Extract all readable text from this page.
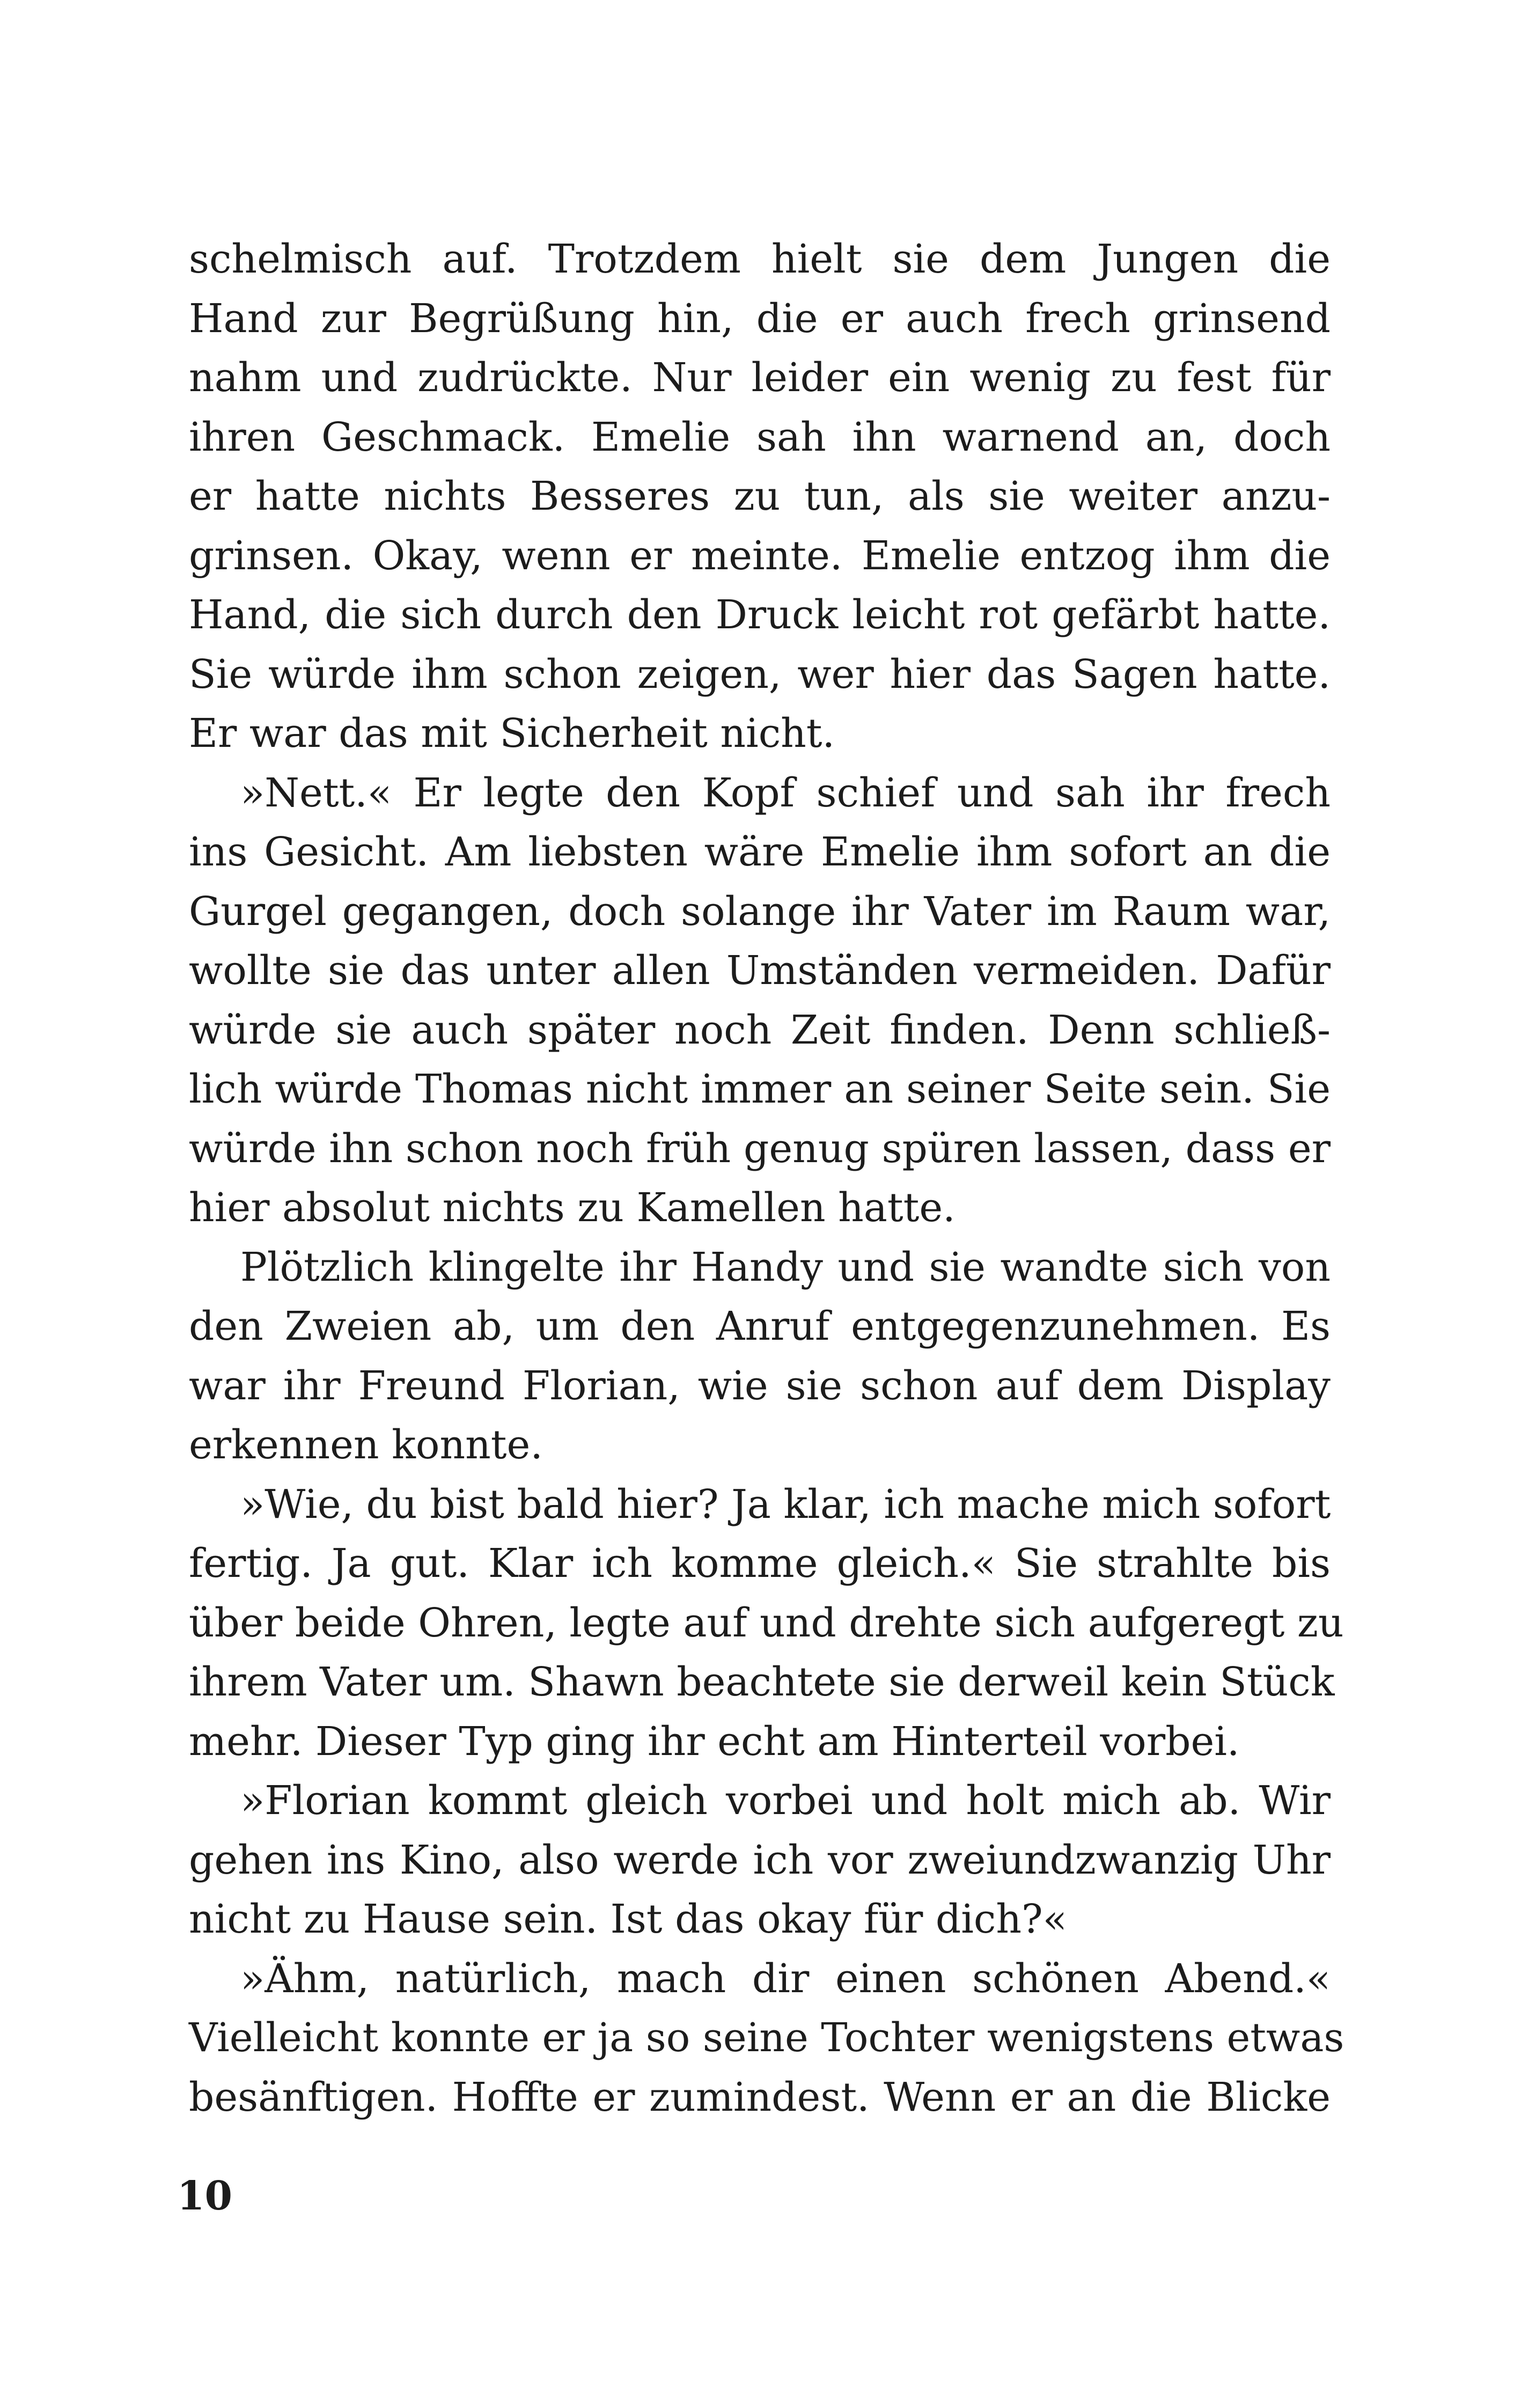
schelmisch auf. Trotzdem hielt sie dem Jungen die
Hand zur Begrüßung hin, die er auch frech grinsend
nahm und zudrückte. Nur leider ein wenig zu fest für
ihren Geschmack. Emelie sah ihn warnend an, doch
er hatte nichts Besseres zu tun, als sie weiter anzu-
grinsen. Okay, wenn er meinte. Emelie entzog ihm die
Hand, die sich durch den Druck leicht rot gefärbt hatte.
Sie würde ihm schon zeigen, wer hier das Sagen hatte.
Er war das mit Sicherheit nicht.
»Nett.« Er legte den Kopf schief und sah ihr frech
ins Gesicht. Am liebsten wäre Emelie ihm sofort an die
Gurgel gegangen, doch solange ihr Vater im Raum war,
wollte sie das unter allen Umständen vermeiden. Dafür
würde sie auch später noch Zeit finden. Denn schließ-
lich würde Thomas nicht immer an seiner Seite sein. Sie
würde ihn schon noch früh genug spüren lassen, dass er
hier absolut nichts zu Kamellen hatte.
Plötzlich klingelte ihr Handy und sie wandte sich von
den Zweien ab, um den Anruf entgegenzunehmen. Es
war ihr Freund Florian, wie sie schon auf dem Display
erkennen konnte.
»Wie, du bist bald hier? Ja klar, ich mache mich sofort
fertig. Ja gut. Klar ich komme gleich.« Sie strahlte bis
über beide Ohren, legte auf und drehte sich aufgeregt zu
ihrem Vater um. Shawn beachtete sie derweil kein Stück
mehr. Dieser Typ ging ihr echt am Hinterteil vorbei.
»Florian kommt gleich vorbei und holt mich ab. Wir
gehen ins Kino, also werde ich vor zweiundzwanzig Uhr
nicht zu Hause sein. Ist das okay für dich?«
»Ähm, natürlich, mach dir einen schönen Abend.«
Vielleicht konnte er ja so seine Tochter wenigstens etwas
besänftigen. Hoffte er zumindest. Wenn er an die Blicke
10
